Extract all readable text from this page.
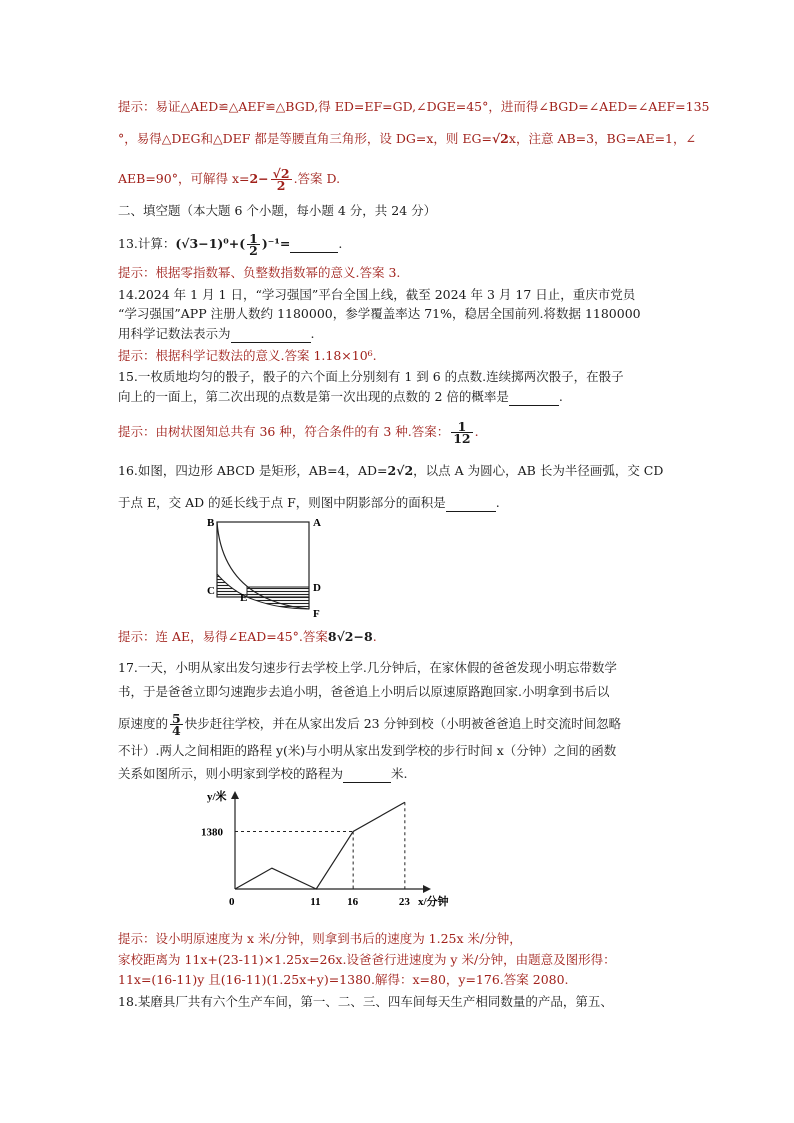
提示：易证△AED≌△AEF≌△BGD,得 ED=EF=GD,∠DGE=45°，进而得∠BGD=∠AED=∠AEF=135
°，易得△DEG和△DEF 都是等腰直角三角形，设 DG=x，则 EG=√2x，注意 AB=3，BG=AE=1，∠
AEB=90°，可解得 $x=2- \frac{√2}{2}$ .答案 D.
二、填空题（本大题 6 个小题，每小题 4 分，共 24 分）
13.计算：$(√3-1)^0+( \frac{1}{2} )^{-1}=$	.
提示：根据零指数幂、负整数指数幂的意义.答案 3.
14.2024 年 1 月 1 日，“学习强国”平台全国上线，截至 2024 年 3 月 17 日止，重庆市党员
“学习强国”APP 注册人数约 1180000，参学覆盖率达 71%，稳居全国前列.将数据 1180000
用科学记数法表示为	.
提示：根据科学记数法的意义.答案 1.18×10⁶.
15.一枚质地均匀的骰子，骰子的六个面上分别刻有 1 到 6 的点数.连续掷两次骰子，在骰子
向上的一面上，第二次出现的点数是第一次出现的点数的 2 倍的概率是	.
提示：由树状图知总共有 36 种，符合条件的有 3 种.答案： $\frac{1}{12}$ .
16.如图，四边形 ABCD 是矩形，AB=4，AD=2√2，以点 A 为圆心，AB 长为半径画弧，交 CD
于点 E，交 AD 的延长线于点 F，则图中阴影部分的面积是	.
B	A
C
E
D
F
提示：连 AE，易得∠EAD=45°.答案8√2−8.
17.一天，小明从家出发匀速步行去学校上学.几分钟后，在家休假的爸爸发现小明忘带数学
书，于是爸爸立即匀速跑步去追小明，爸爸追上小明后以原速原路跑回家.小明拿到书后以
原速度的 $\frac{5}{4}$ 快步赶往学校，并在从家出发后 23 分钟到校（小明被爸爸追上时交流时间忽略
不计）.两人之间相距的路程 y(米)与小明从家出发到学校的步行时间 x（分钟）之间的函数
关系如图所示，则小明家到学校的路程为	米.
y/米
x/分钟
0	11 16	23
1380
提示：设小明原速度为 x 米/分钟，则拿到书后的速度为 1.25x 米/分钟，
家校距离为 11x+(23-11)×1.25x=26x.设爸爸行进速度为 y 米/分钟，由题意及图形得：
11x=(16-11)y 且(16-11)(1.25x+y)=1380.解得：x=80，y=176.答案 2080.
18.某磨具厂共有六个生产车间，第一、二、三、四车间每天生产相同数量的产品，第五、
